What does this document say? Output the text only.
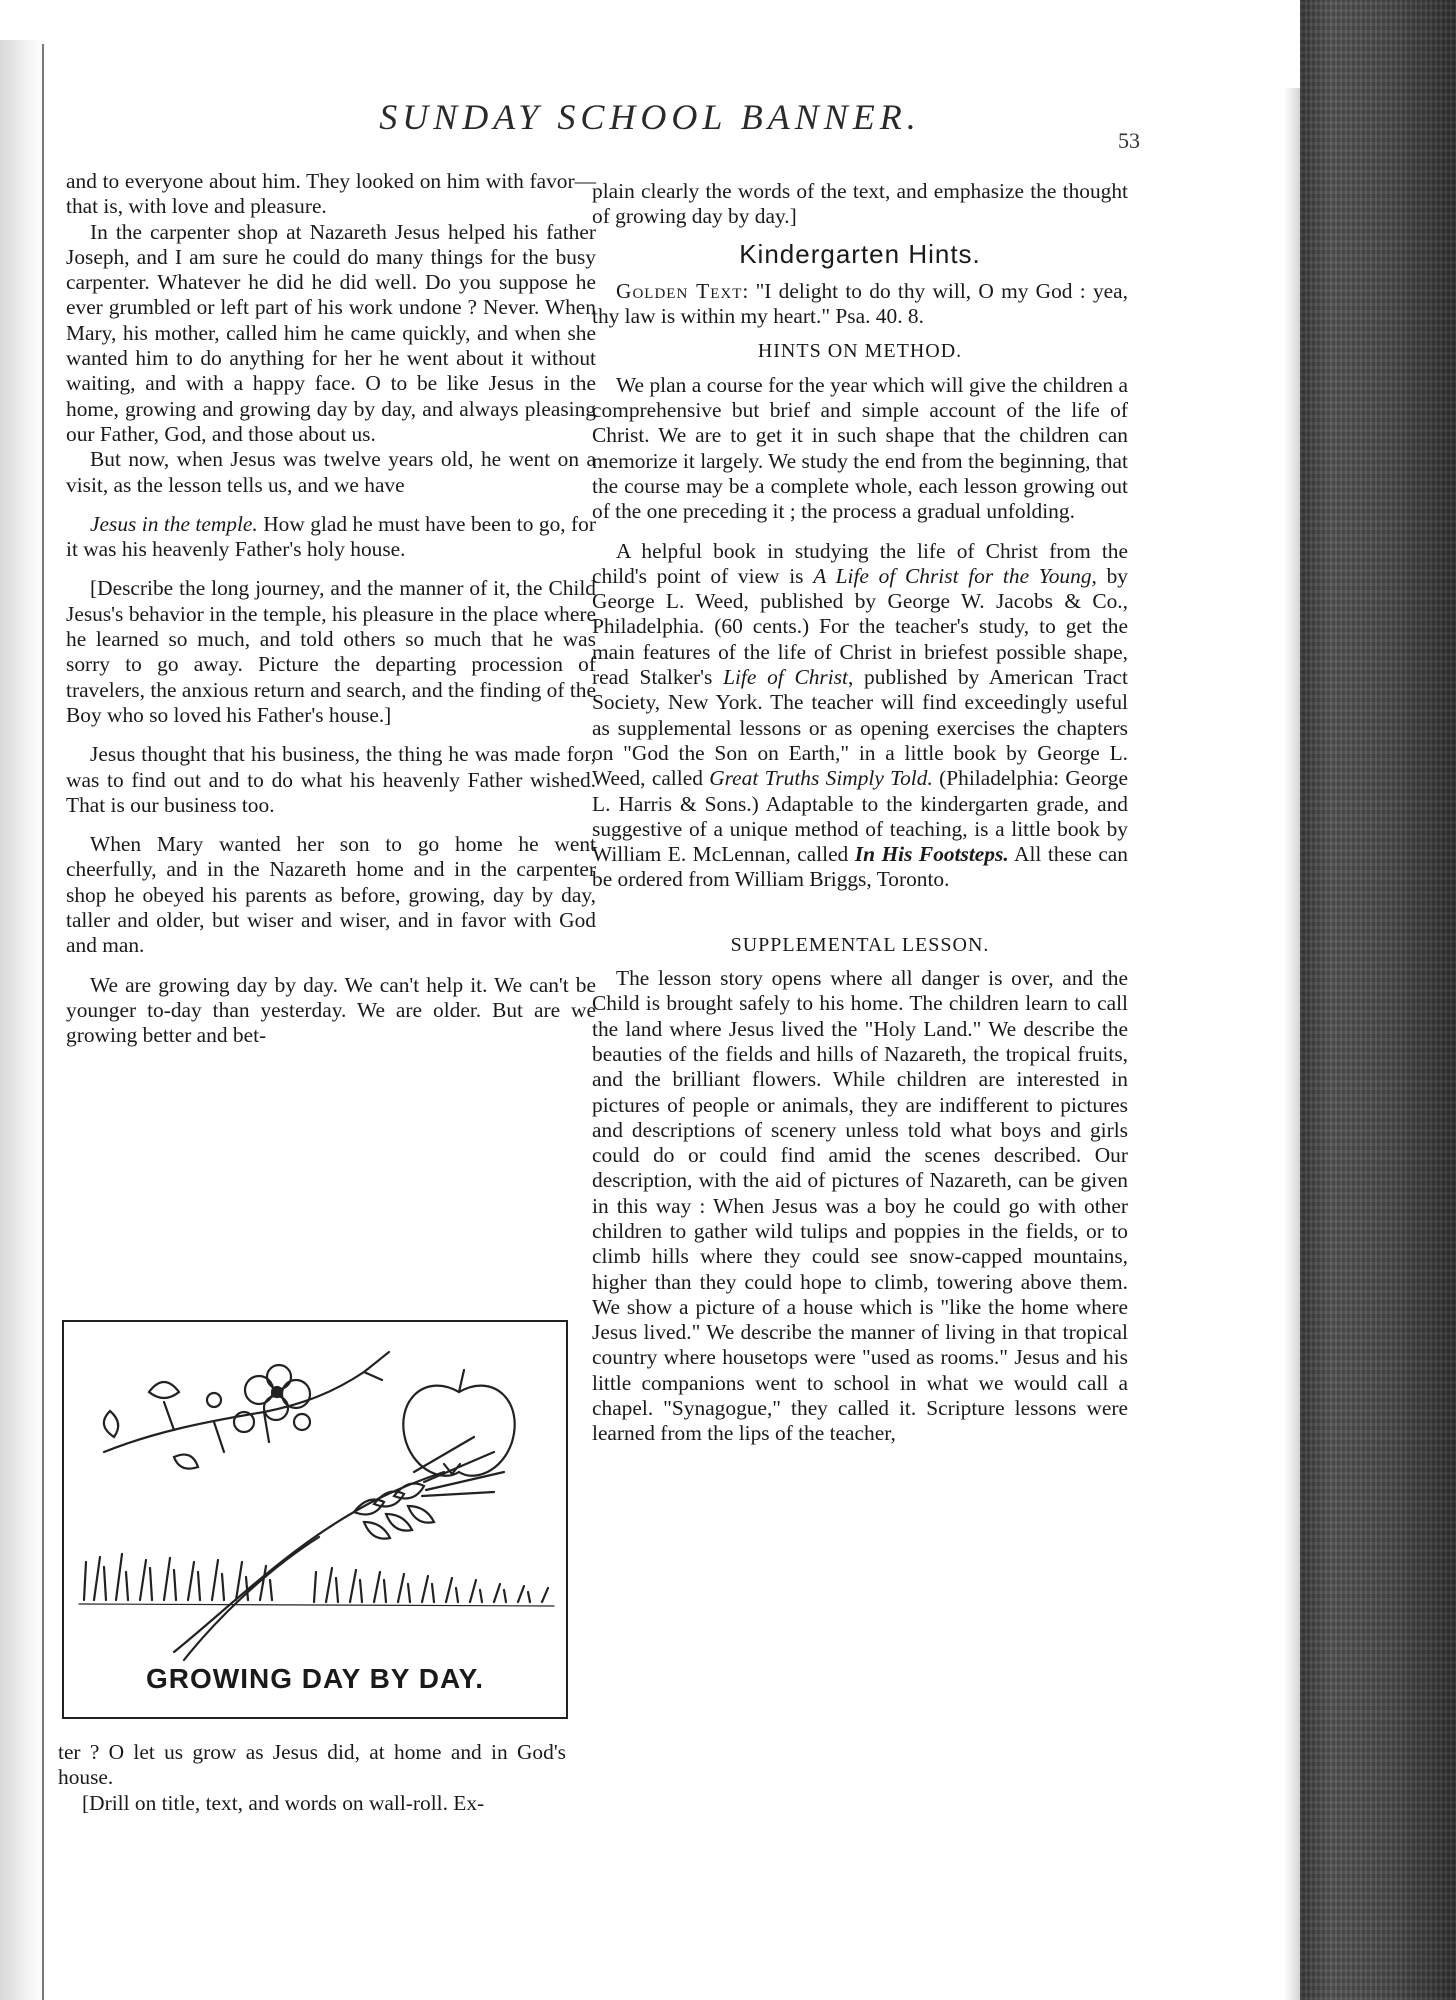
SUNDAY SCHOOL BANNER.
53

and to everyone about him. They looked on him with favor—that is, with love and pleasure.

In the carpenter shop at Nazareth Jesus helped his father Joseph, and I am sure he could do many things for the busy carpenter. Whatever he did he did well. Do you suppose he ever grumbled or left part of his work undone ? Never. When Mary, his mother, called him he came quickly, and when she wanted him to do anything for her he went about it without waiting, and with a happy face. O to be like Jesus in the home, growing and growing day by day, and always pleasing our Father, God, and those about us.

But now, when Jesus was twelve years old, he went on a visit, as the lesson tells us, and we have

Jesus in the temple. How glad he must have been to go, for it was his heavenly Father's holy house.

[Describe the long journey, and the manner of it, the Child Jesus's behavior in the temple, his pleasure in the place where he learned so much, and told others so much that he was sorry to go away. Picture the departing procession of travelers, the anxious return and search, and the finding of the Boy who so loved his Father's house.]

Jesus thought that his business, the thing he was made for, was to find out and to do what his heavenly Father wished. That is our business too.

When Mary wanted her son to go home he went cheerfully, and in the Nazareth home and in the carpenter shop he obeyed his parents as before, growing, day by day, taller and older, but wiser and wiser, and in favor with God and man.

We are growing day by day. We can't help it. We can't be younger to-day than yesterday. We are older. But are we growing better and bet-

GROWING DAY BY DAY.

ter ? O let us grow as Jesus did, at home and in God's house.

[Drill on title, text, and words on wall-roll. Ex-

plain clearly the words of the text, and emphasize the thought of growing day by day.]

Kindergarten Hints.

Golden Text: "I delight to do thy will, O my God : yea, thy law is within my heart." Psa. 40. 8.

HINTS ON METHOD.

We plan a course for the year which will give the children a comprehensive but brief and simple account of the life of Christ. We are to get it in such shape that the children can memorize it largely. We study the end from the beginning, that the course may be a complete whole, each lesson growing out of the one preceding it ; the process a gradual unfolding.

A helpful book in studying the life of Christ from the child's point of view is A Life of Christ for the Young, by George L. Weed, published by George W. Jacobs & Co., Philadelphia. (60 cents.) For the teacher's study, to get the main features of the life of Christ in briefest possible shape, read Stalker's Life of Christ, published by American Tract Society, New York. The teacher will find exceedingly useful as supplemental lessons or as opening exercises the chapters on "God the Son on Earth," in a little book by George L. Weed, called Great Truths Simply Told. (Philadelphia: George L. Harris & Sons.) Adaptable to the kindergarten grade, and suggestive of a unique method of teaching, is a little book by William E. McLennan, called In His Footsteps. All these can be ordered from William Briggs, Toronto.

SUPPLEMENTAL LESSON.

The lesson story opens where all danger is over, and the Child is brought safely to his home. The children learn to call the land where Jesus lived the "Holy Land." We describe the beauties of the fields and hills of Nazareth, the tropical fruits, and the brilliant flowers. While children are interested in pictures of people or animals, they are indifferent to pictures and descriptions of scenery unless told what boys and girls could do or could find amid the scenes described. Our description, with the aid of pictures of Nazareth, can be given in this way : When Jesus was a boy he could go with other children to gather wild tulips and poppies in the fields, or to climb hills where they could see snow-capped mountains, higher than they could hope to climb, towering above them. We show a picture of a house which is "like the home where Jesus lived." We describe the manner of living in that tropical country where housetops were "used as rooms." Jesus and his little companions went to school in what we would call a chapel. "Synagogue," they called it. Scripture lessons were learned from the lips of the teacher,
